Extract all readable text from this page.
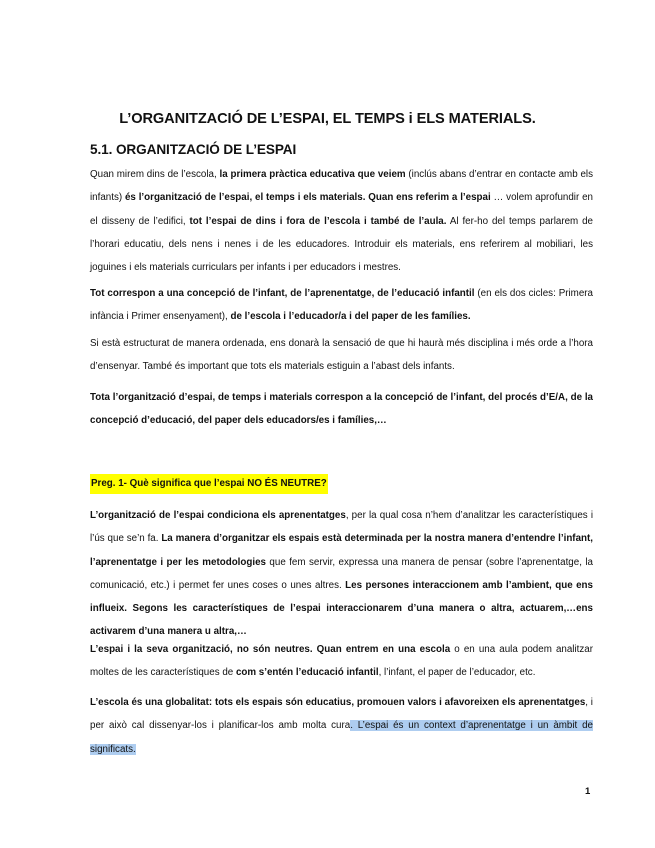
L’ORGANITZACIÓ DE L’ESPAI, EL TEMPS i ELS MATERIALS.
5.1. ORGANITZACIÓ DE L’ESPAI

Quan mirem dins de l’escola, la primera pràctica educativa que veiem (inclús abans d’entrar en contacte amb els infants) és l’organització de l’espai, el temps i els materials. Quan ens referim a l’espai … volem aprofundir en el disseny de l’edifici, tot l’espai de dins i fora de l’escola i també de l’aula. Al fer-ho del temps parlarem de l’horari educatiu, dels nens i nenes i de les educadores. Introduir els materials, ens referirem al mobiliari, les joguines i els materials curriculars per infants i per educadors i mestres.

Tot correspon a una concepció de l’infant, de l’aprenentatge, de l’educació infantil (en els dos cicles: Primera infància i Primer ensenyament), de l’escola i l’educador/a i del paper de les famílies.

Si està estructurat de manera ordenada, ens donarà la sensació de que hi haurà més disciplina i més orde a l’hora d’ensenyar. També és important que tots els materials estiguin a l’abast dels infants.

Tota l’organització d’espai, de temps i materials correspon a la concepció de l’infant, del procés d’E/A, de la concepció d’educació, del paper dels educadors/es i famílies,…

Preg. 1- Què significa que l’espai NO ÉS NEUTRE?

L’organització de l’espai condiciona els aprenentatges, per la qual cosa n’hem d’analitzar les característiques i l’ús que se’n fa. La manera d’organitzar els espais està determinada per la nostra manera d’entendre l’infant, l’aprenentatge i per les metodologies que fem servir, expressa una manera de pensar (sobre l’aprenentatge, la comunicació, etc.) i permet fer unes coses o unes altres. Les persones interaccionem amb l’ambient, que ens influeix. Segons les característiques de l’espai interaccionarem d’una manera o altra, actuarem,…ens activarem d’una manera u altra,…

L’espai i la seva organització, no són neutres. Quan entrem en una escola o en una aula podem analitzar moltes de les característiques de com s’entén l’educació infantil, l’infant, el paper de l’educador, etc.

L’escola és una globalitat: tots els espais són educatius, promouen valors i afavoreixen els aprenentatges, i per això cal dissenyar-los i planificar-los amb molta cura. L’espai és un context d’aprenentatge i un àmbit de significats.

1
